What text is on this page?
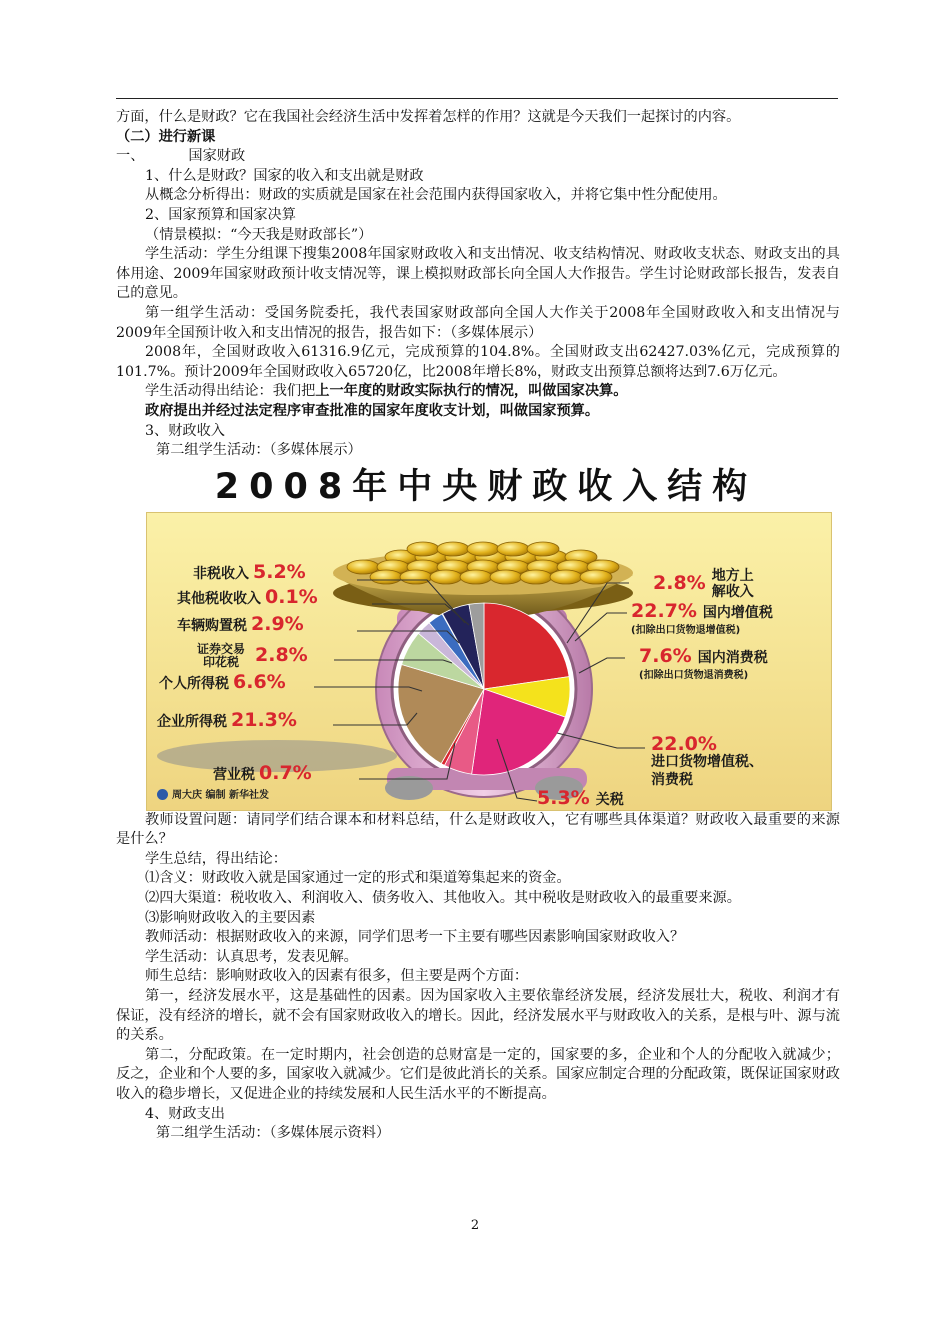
方面，什么是财政？它在我国社会经济生活中发挥着怎样的作用？这就是今天我们一起探讨的内容。

（二）进行新课

一、	国家财政

1、什么是财政？国家的收入和支出就是财政

从概念分析得出：财政的实质就是国家在社会范围内获得国家收入，并将它集中性分配使用。

2、国家预算和国家决算

（情景模拟：“今天我是财政部长”）

学生活动：学生分组课下搜集2008年国家财政收入和支出情况、收支结构情况、财政收支状态、财政支出的具体用途、2009年国家财政预计收支情况等，课上模拟财政部长向全国人大作报告。学生讨论财政部长报告，发表自己的意见。

第一组学生活动：受国务院委托，我代表国家财政部向全国人大作关于2008年全国财政收入和支出情况与2009年全国预计收入和支出情况的报告，报告如下：（多媒体展示）

2008年，全国财政收入61316.9亿元，完成预算的104.8%。全国财政支出62427.03%亿元，完成预算的101.7%。预计2009年全国财政收入65720亿，比2008年增长8%，财政支出预算总额将达到7.6万亿元。

学生活动得出结论：我们把上一年度的财政实际执行的情况，叫做国家决算。

政府提出并经过法定程序审查批准的国家年度收支计划，叫做国家预算。

3、财政收入

第二组学生活动：（多媒体展示）

2008年中央财政收入结构
非税收入 5.2%
其他税收收入 0.1%
车辆购置税 2.9%
证券交易
印花税 2.8%
个人所得税 6.6%
企业所得税 21.3%
营业税 0.7%
2.8% 地方上
解收入
22.7% 国内增值税
(扣除出口货物退增值税)
7.6% 国内消费税
(扣除出口货物退消费税)
22.0%
进口货物增值税、
消费税
5.3% 关税
周大庆 编制 新华社发

教师设置问题：请同学们结合课本和材料总结，什么是财政收入，它有哪些具体渠道？财政收入最重要的来源是什么？

学生总结，得出结论：

⑴含义：财政收入就是国家通过一定的形式和渠道筹集起来的资金。

⑵四大渠道：税收收入、利润收入、债务收入、其他收入。其中税收是财政收入的最重要来源。

⑶影响财政收入的主要因素

教师活动：根据财政收入的来源，同学们思考一下主要有哪些因素影响国家财政收入？

学生活动：认真思考，发表见解。

师生总结：影响财政收入的因素有很多，但主要是两个方面：

第一，经济发展水平，这是基础性的因素。因为国家收入主要依靠经济发展，经济发展壮大，税收、利润才有保证，没有经济的增长，就不会有国家财政收入的增长。因此，经济发展水平与财政收入的关系，是根与叶、源与流的关系。

第二，分配政策。在一定时期内，社会创造的总财富是一定的，国家要的多，企业和个人的分配收入就减少；反之，企业和个人要的多，国家收入就减少。它们是彼此消长的关系。国家应制定合理的分配政策，既保证国家财政收入的稳步增长，又促进企业的持续发展和人民生活水平的不断提高。

4、财政支出

第二组学生活动：（多媒体展示资料）

2
